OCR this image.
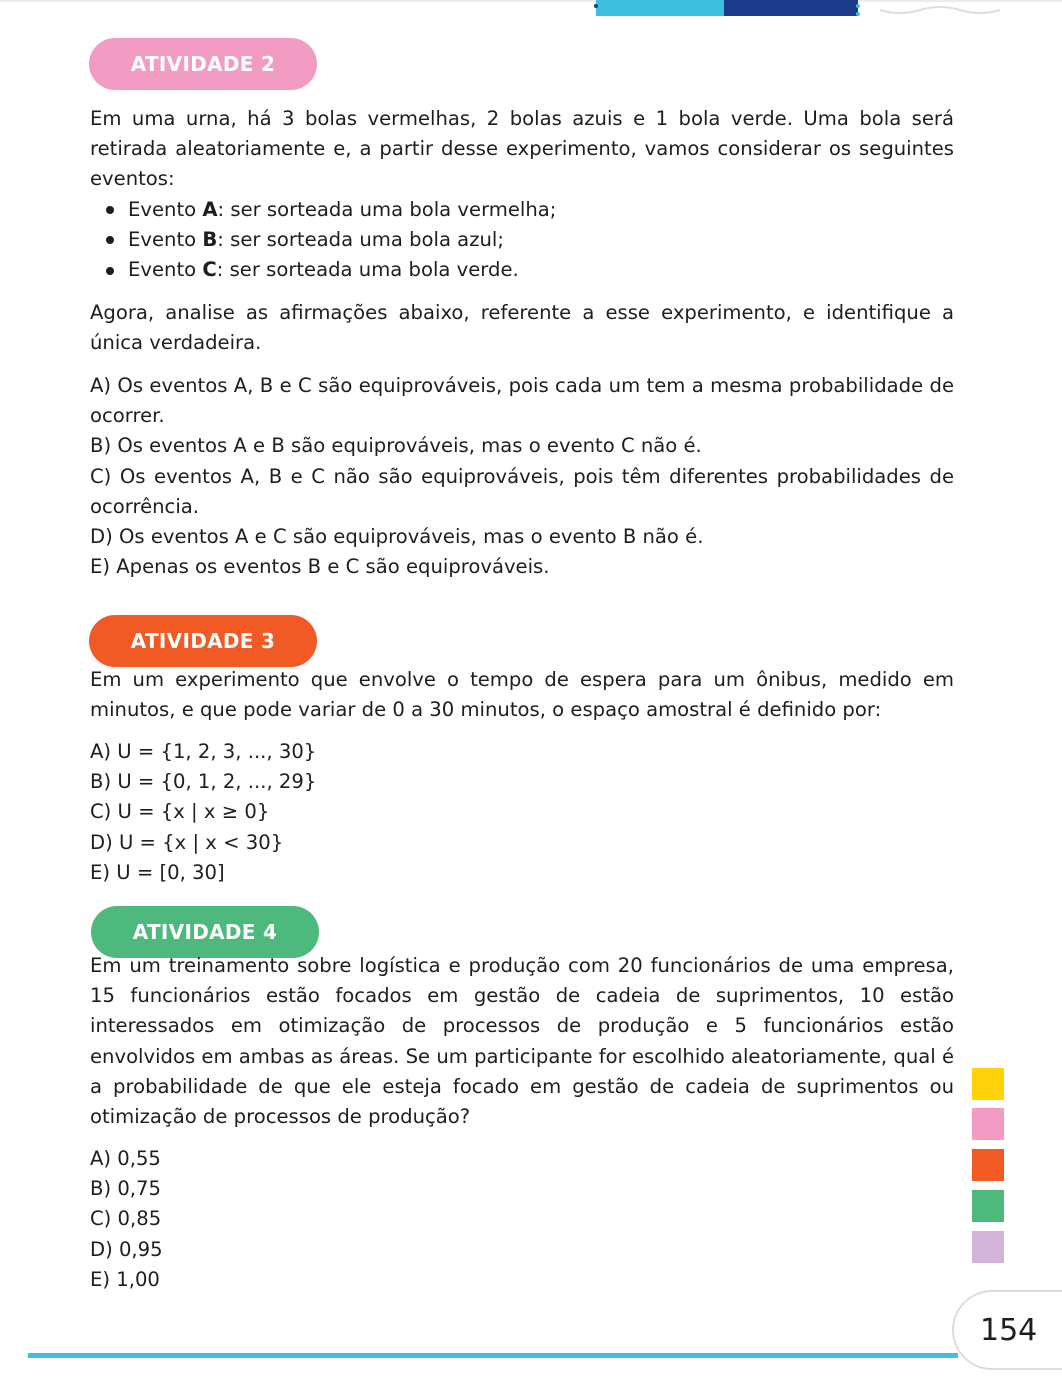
ATIVIDADE 2
Em uma urna, há 3 bolas vermelhas, 2 bolas azuis e 1 bola verde. Uma bola será retirada aleatoriamente e, a partir desse experimento, vamos considerar os seguintes eventos:
Evento
A : ser sorteada uma bola vermelha;
Evento
B : ser sorteada uma bola azul;
Evento
C : ser sorteada uma bola verde.
Agora, analise as afirmações abaixo, referente a esse experimento, e identifique a única verdadeira.
A) Os eventos A, B e C são equiprováveis, pois cada um tem a mesma probabilidade de ocorrer.
B) Os eventos A e B são equiprováveis, mas o evento C não é.
C) Os eventos A, B e C não são equiprováveis, pois têm diferentes probabilidades de ocorrência.
D) Os eventos A e C são equiprováveis, mas o evento B não é.
E) Apenas os eventos B e C são equiprováveis.
ATIVIDADE 3
Em um experimento que envolve o tempo de espera para um ônibus, medido em minutos, e que pode variar de 0 a 30 minutos, o espaço amostral é definido por:
A) U = {1, 2, 3, ..., 30}
B) U = {0, 1, 2, ..., 29}
C) U = {x | x ≥ 0}
D) U = {x | x < 30}
E) U = [0, 30]
ATIVIDADE 4
Em um treinamento sobre logística e produção com 20 funcionários de uma empresa, 15 funcionários estão focados em gestão de cadeia de suprimentos, 10 estão interessados em otimização de processos de produção e 5 funcionários estão envolvidos em ambas as áreas. Se um participante for escolhido aleatoriamente, qual é a probabilidade de que ele esteja focado em gestão de cadeia de suprimentos ou otimização de processos de produção?
A) 0,55
B) 0,75
C) 0,85
D) 0,95
E) 1,00
154
